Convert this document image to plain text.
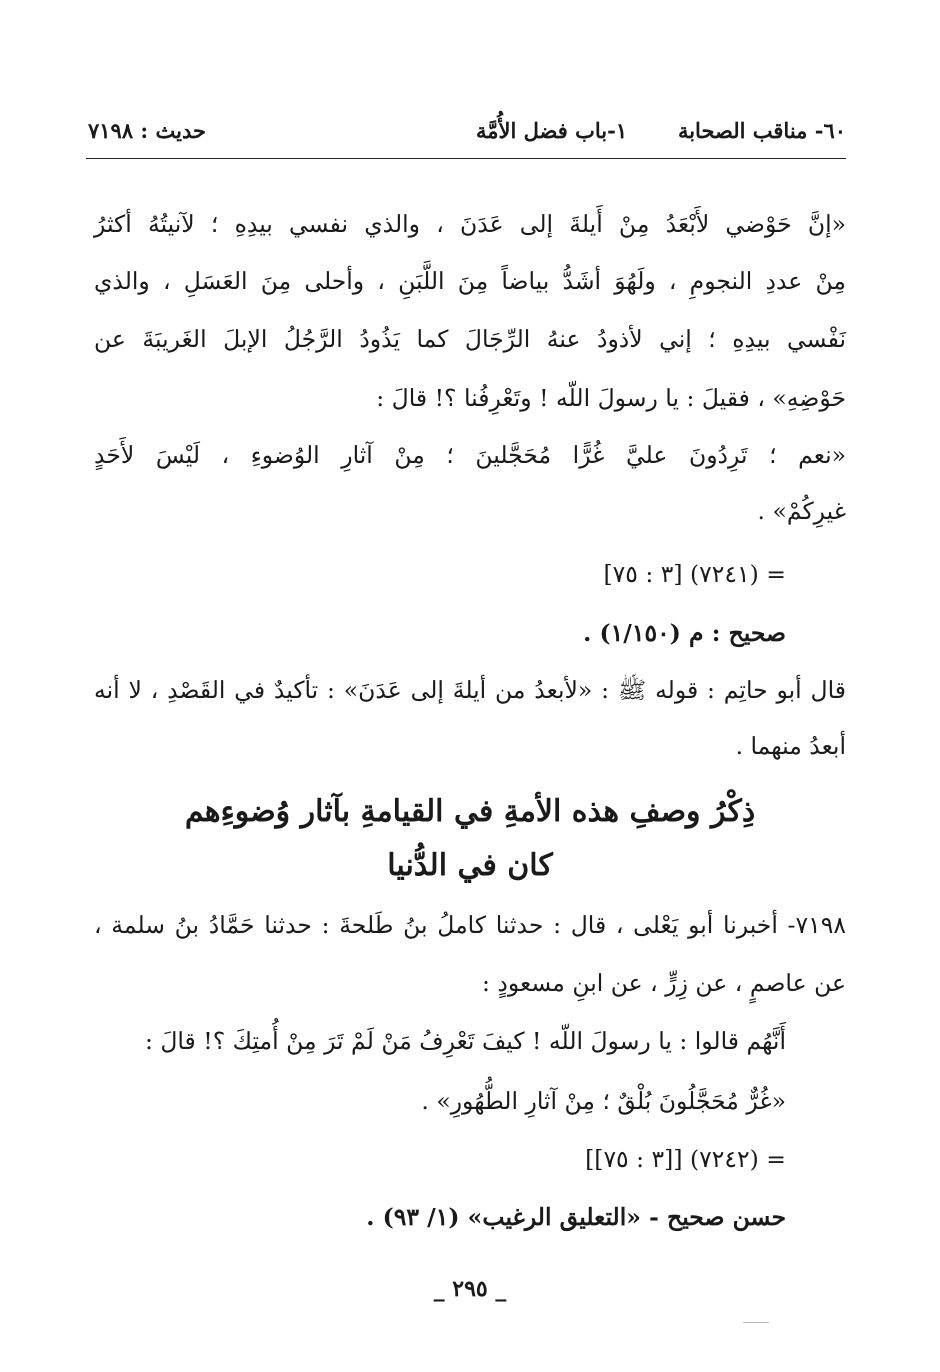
٦٠- مناقب الصحابة
١-باب فضل الأُمَّة
حديث : ٧١٩٨
«إنَّ حَوْضي لأَبْعَدُ مِنْ أَيلةَ إلى عَدَنَ ، والذي نفسي بيدِهِ ؛ لآنيتُهُ أكثرُ
مِنْ عددِ النجومِ ، ولَهُوَ أشَدُّ بياضاً مِنَ اللَّبَنِ ، وأحلى مِنَ العَسَلِ ، والذي
نَفْسي بيدِهِ ؛ إني لأذودُ عنهُ الرِّجَالَ كما يَذُودُ الرَّجُلُ الإبلَ الغَريبَةَ عن
حَوْضِهِ» ، فقيلَ : يا رسولَ اللّه ! وتَعْرِفُنا ؟! قالَ :
«نعم ؛ تَرِدُونَ عليَّ غُرًّا مُحَجَّلينَ ؛ مِنْ آثارِ الوُضوءِ ، لَيْسَ لأَحَدٍ
غيرِكُمْ» .
= (٧٢٤١) [٣ : ٧٥]
صحيح : م (١/١٥٠) .
قال أبو حاتِم : قوله ﷺ : «لأبعدُ من أيلةَ إلى عَدَنَ» : تأكيدٌ في القَصْدِ ، لا أنه
أبعدُ منهما .
ذِكْرُ وصفِ هذه الأمةِ في القيامةِ بآثار وُضوءِهم
كان في الدُّنيا
٧١٩٨- أخبرنا أبو يَعْلى ، قال : حدثنا كاملُ بنُ طَلحةَ : حدثنا حَمَّادُ بنُ سلمة ،
عن عاصمٍ ، عن زِرٍّ ، عن ابنِ مسعودٍ :
أَنَّهُم قالوا : يا رسولَ اللّه ! كيفَ تَعْرِفُ مَنْ لَمْ تَرَ مِنْ أُمتِكَ ؟! قالَ :
«غُرٌّ مُحَجَّلُونَ بُلْقٌ ؛ مِنْ آثارِ الطُّهُورِ» .
= (٧٢٤٢) [[٣ : ٧٥]]
حسن صحيح - «التعليق الرغيب» (١/ ٩٣) .
_ ٢٩٥ _
